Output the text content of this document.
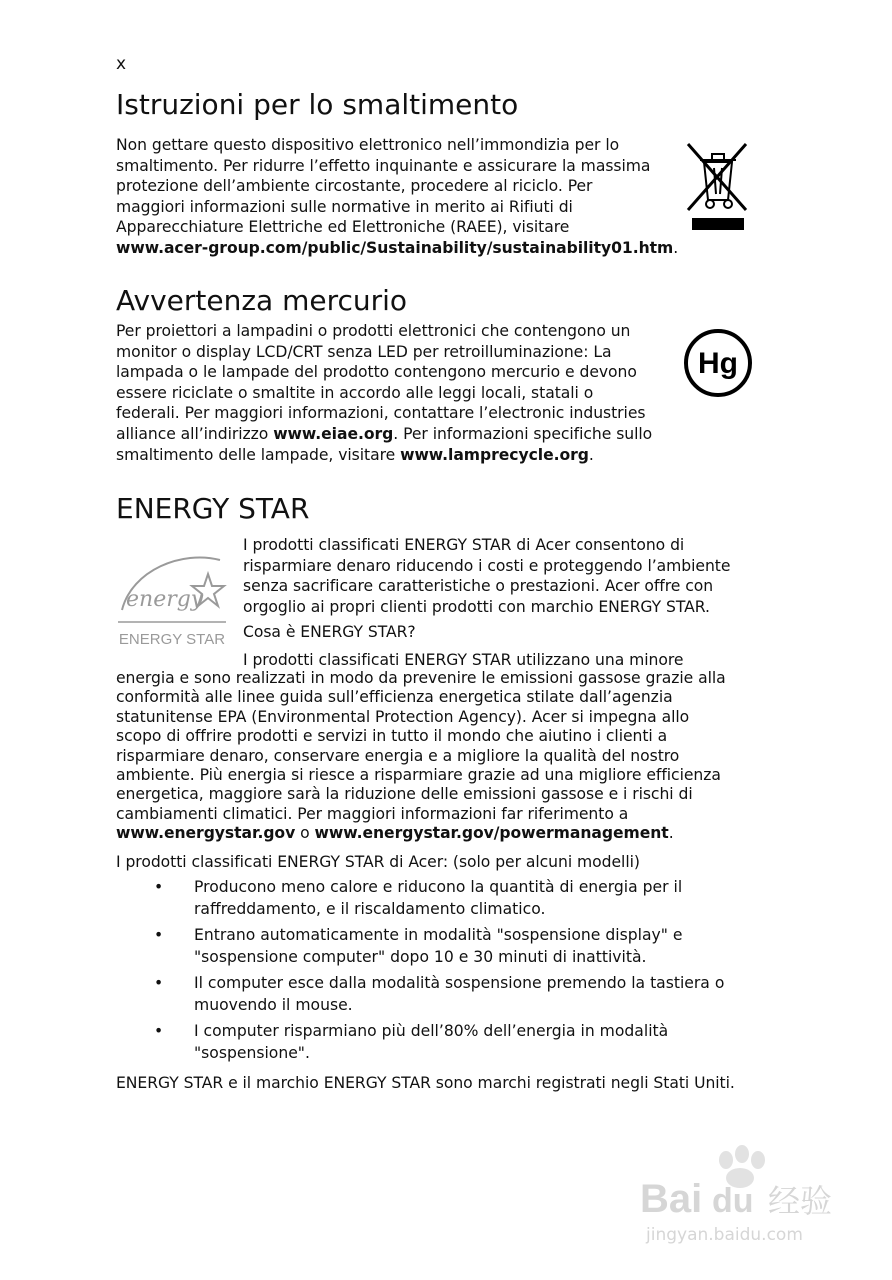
x
Istruzioni per lo smaltimento
Non gettare questo dispositivo elettronico nell’immondizia per lo
smaltimento. Per ridurre l’effetto inquinante e assicurare la massima
protezione dell’ambiente circostante, procedere al riciclo. Per
maggiori informazioni sulle normative in merito ai Rifiuti di
Apparecchiature Elettriche ed Elettroniche (RAEE), visitare
www.acer-group.com/public/Sustainability/sustainability01.htm.
Avvertenza mercurio
Per proiettori a lampadini o prodotti elettronici che contengono un
monitor o display LCD/CRT senza LED per retroilluminazione: La
lampada o le lampade del prodotto contengono mercurio e devono
essere riciclate o smaltite in accordo alle leggi locali, statali o
federali. Per maggiori informazioni, contattare l’electronic industries
alliance all’indirizzo www.eiae.org. Per informazioni specifiche sullo
smaltimento delle lampade, visitare www.lamprecycle.org.
Hg
ENERGY STAR
energy
ENERGY STAR
I prodotti classificati ENERGY STAR di Acer consentono di
risparmiare denaro riducendo i costi e proteggendo l’ambiente
senza sacrificare caratteristiche o prestazioni. Acer offre con
orgoglio ai propri clienti prodotti con marchio ENERGY STAR.
Cosa è ENERGY STAR?
I prodotti classificati ENERGY STAR utilizzano una minore
energia e sono realizzati in modo da prevenire le emissioni gassose grazie alla
conformità alle linee guida sull’efficienza energetica stilate dall’agenzia
statunitense EPA (Environmental Protection Agency). Acer si impegna allo
scopo di offrire prodotti e servizi in tutto il mondo che aiutino i clienti a
risparmiare denaro, conservare energia e a migliore la qualità del nostro
ambiente. Più energia si riesce a risparmiare grazie ad una migliore efficienza
energetica, maggiore sarà la riduzione delle emissioni gassose e i rischi di
cambiamenti climatici. Per maggiori informazioni far riferimento a
www.energystar.gov o www.energystar.gov/powermanagement.
I prodotti classificati ENERGY STAR di Acer: (solo per alcuni modelli)
• Producono meno calore e riducono la quantità di energia per il
raffreddamento, e il riscaldamento climatico.
• Entrano automaticamente in modalità "sospensione display" e
"sospensione computer" dopo 10 e 30 minuti di inattività.
• Il computer esce dalla modalità sospensione premendo la tastiera o
muovendo il mouse.
• I computer risparmiano più dell’80% dell’energia in modalità
"sospensione".
ENERGY STAR e il marchio ENERGY STAR sono marchi registrati negli Stati Uniti.
Bai du 经验
jingyan.baidu.com
